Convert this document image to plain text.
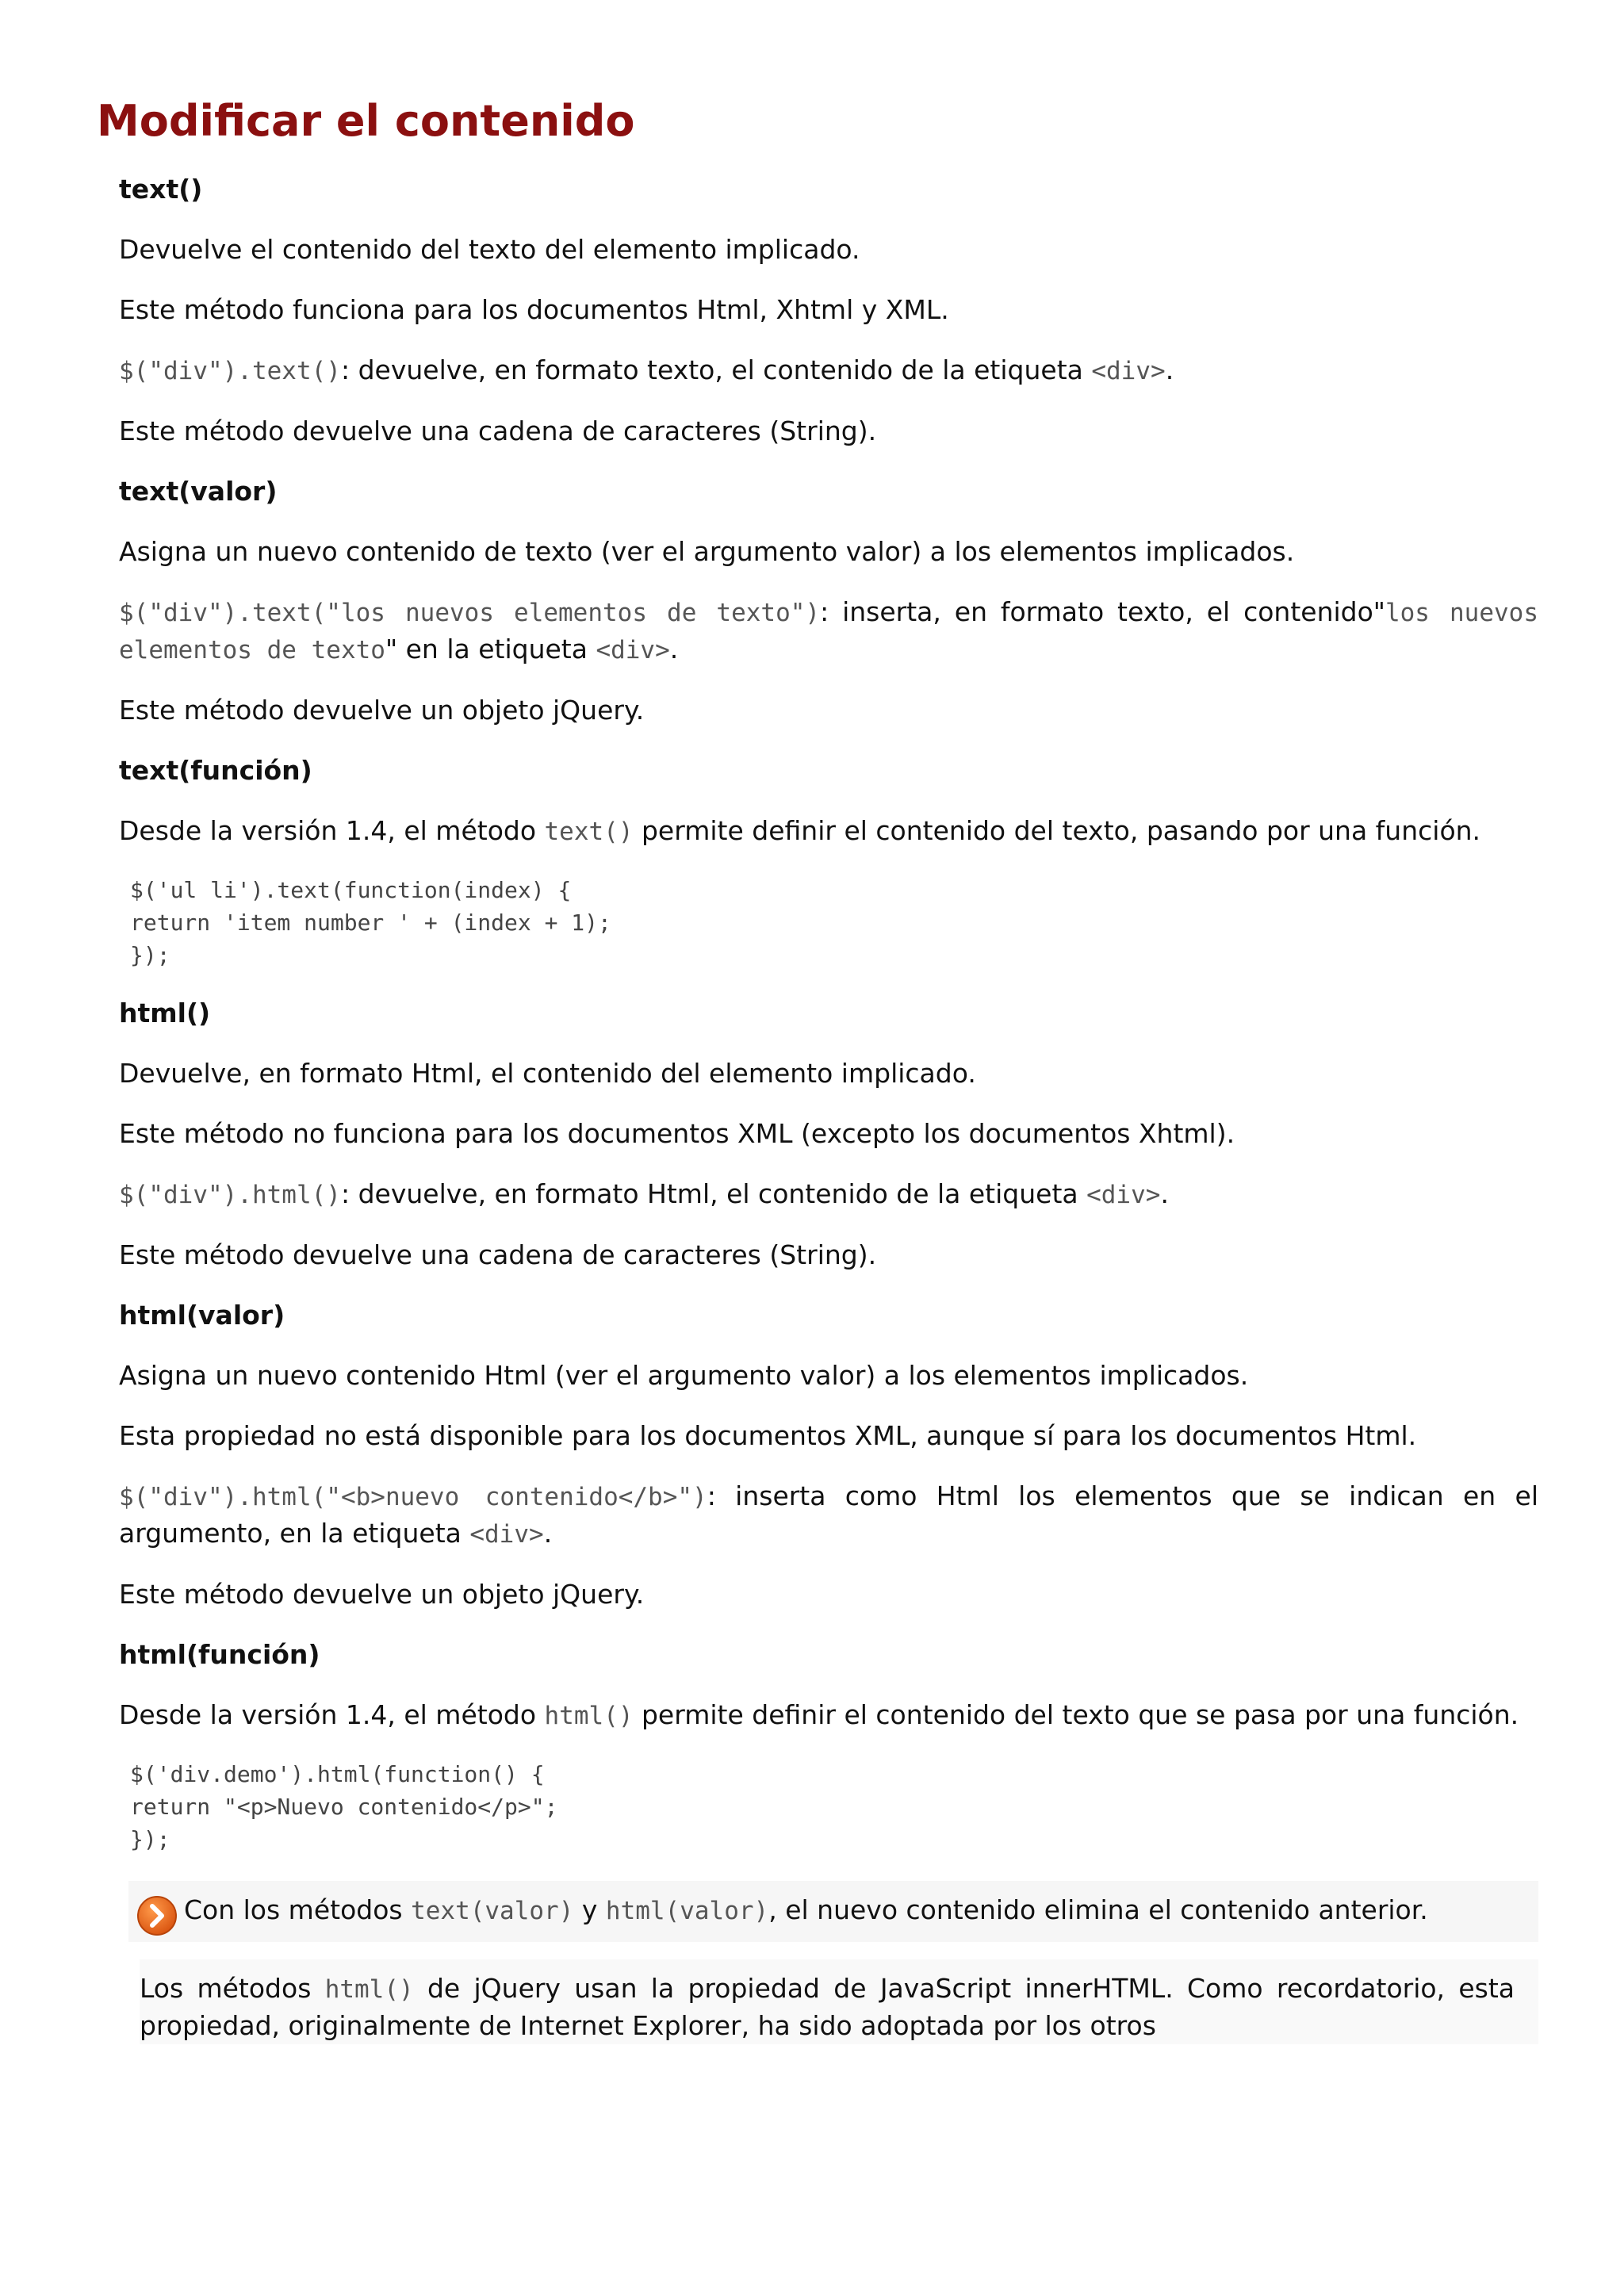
Modificar el contenido

text()

Devuelve el contenido del texto del elemento implicado.

Este método funciona para los documentos Html, Xhtml y XML.

$("div").text(): devuelve, en formato texto, el contenido de la etiqueta <div>.

Este método devuelve una cadena de caracteres (String).

text(valor)

Asigna un nuevo contenido de texto (ver el argumento valor) a los elementos implicados.

$("div").text("los nuevos elementos de texto"): inserta, en formato texto, el contenido"los nuevos elementos de texto" en la etiqueta <div>.

Este método devuelve un objeto jQuery.

text(función)

Desde la versión 1.4, el método text() permite definir el contenido del texto, pasando por una función.

$('ul li').text(function(index) {
return 'item number ' + (index + 1);
});

html()

Devuelve, en formato Html, el contenido del elemento implicado.

Este método no funciona para los documentos XML (excepto los documentos Xhtml).

$("div").html(): devuelve, en formato Html, el contenido de la etiqueta <div>.

Este método devuelve una cadena de caracteres (String).

html(valor)

Asigna un nuevo contenido Html (ver el argumento valor) a los elementos implicados.

Esta propiedad no está disponible para los documentos XML, aunque sí para los documentos Html.

$("div").html("<b>nuevo contenido</b>"): inserta como Html los elementos que se indican en el argumento, en la etiqueta <div>.

Este método devuelve un objeto jQuery.

html(función)

Desde la versión 1.4, el método html() permite definir el contenido del texto que se pasa por una función.

$('div.demo').html(function() {
return "<p>Nuevo contenido</p>";
});

Con los métodos text(valor) y html(valor), el nuevo contenido elimina el contenido anterior.

Los métodos html() de jQuery usan la propiedad de JavaScript innerHTML. Como recordatorio, esta propiedad, originalmente de Internet Explorer, ha sido adoptada por los otros
